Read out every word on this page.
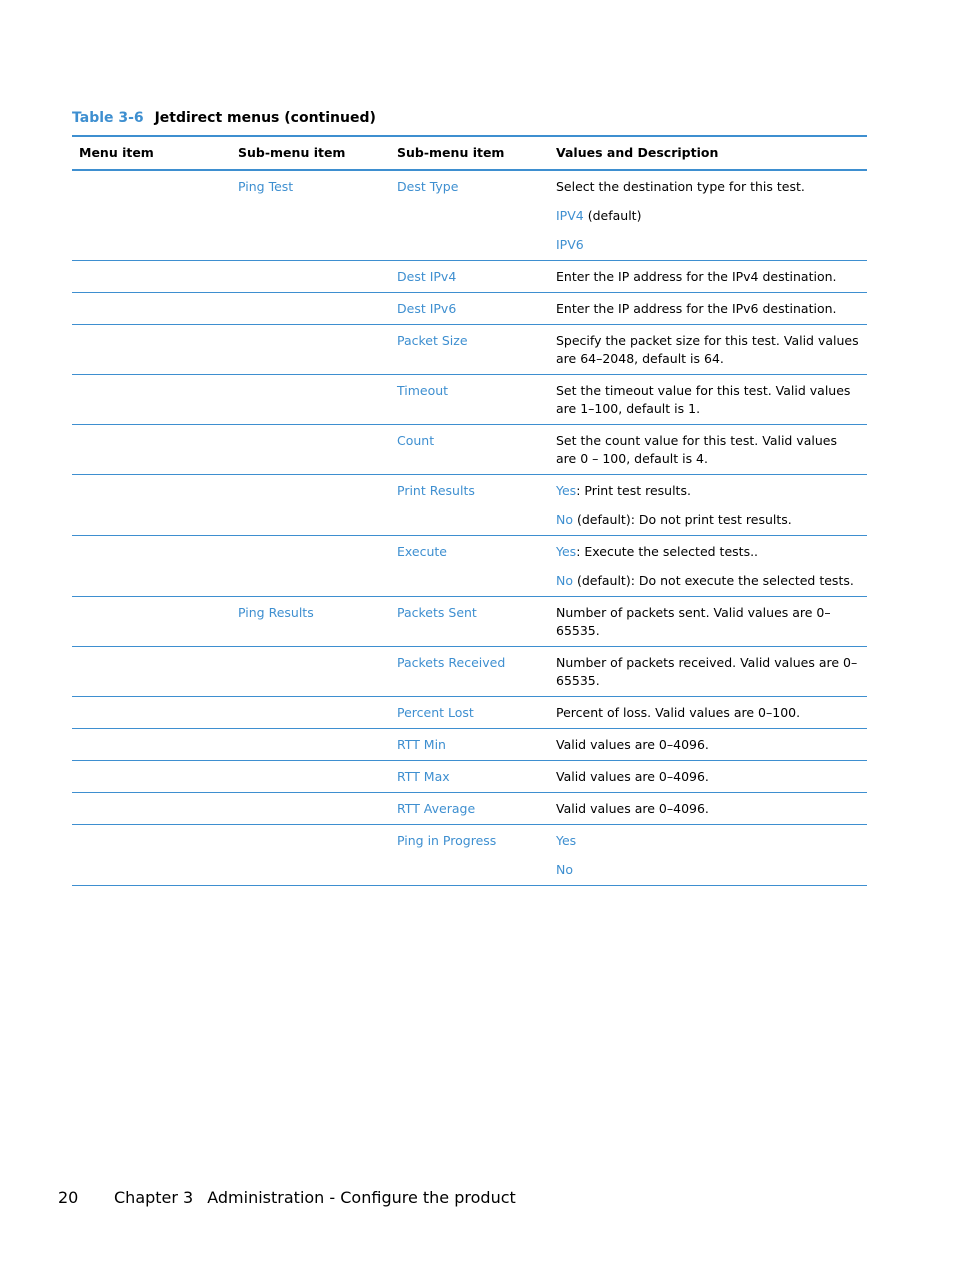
Table 3-6 Jetdirect menus (continued)
Menu item	Sub-menu item	Sub-menu item	Values and Description
	Ping Test	Dest Type	Select the destination type for this test.
IPV4 (default)
IPV6

		Dest IPv4	Enter the IP address for the IPv4 destination.

		Dest IPv6	Enter the IP address for the IPv6 destination.

		Packet Size	Specify the packet size for this test. Valid values are 64–2048, default is 64.

		Timeout	Set the timeout value for this test. Valid values are 1–100, default is 1.

		Count	Set the count value for this test. Valid values are 0 – 100, default is 4.

		Print Results	Yes: Print test results.
No (default): Do not print test results.

		Execute	Yes: Execute the selected tests..
No (default): Do not execute the selected tests.

	Ping Results	Packets Sent	Number of packets sent. Valid values are 0–65535.

		Packets Received	Number of packets received. Valid values are 0–65535.

		Percent Lost	Percent of loss. Valid values are 0–100.

		RTT Min	Valid values are 0–4096.

		RTT Max	Valid values are 0–4096.

		RTT Average	Valid values are 0–4096.

		Ping in Progress	Yes
No
20 Chapter 3 Administration - Configure the product
